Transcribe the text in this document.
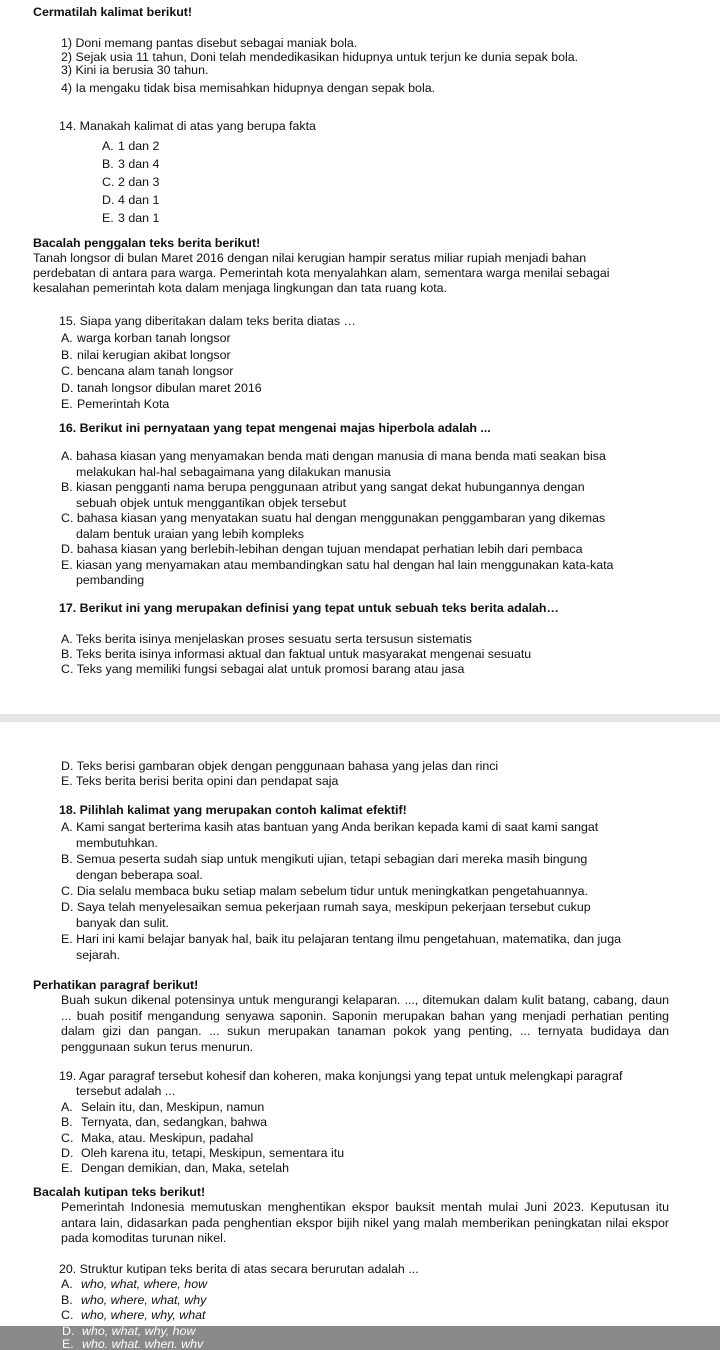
Cermatilah kalimat berikut!
1) Doni memang pantas disebut sebagai maniak bola.
2) Sejak usia 11 tahun, Doni telah mendedikasikan hidupnya untuk terjun ke dunia sepak bola.
3) Kini ia berusia 30 tahun.
4) Ia mengaku tidak bisa memisahkan hidupnya dengan sepak bola.
14. Manakah kalimat di atas yang berupa fakta
A. 1 dan 2
B. 3 dan 4
C. 2 dan 3
D. 4 dan 1
E. 3 dan 1
Bacalah penggalan teks berita berikut!
Tanah longsor di bulan Maret 2016 dengan nilai kerugian hampir seratus miliar rupiah menjadi bahan
perdebatan di antara para warga. Pemerintah kota menyalahkan alam, sementara warga menilai sebagai
kesalahan pemerintah kota dalam menjaga lingkungan dan tata ruang kota.
15. Siapa yang diberitakan dalam teks berita diatas …
A. warga korban tanah longsor
B. nilai kerugian akibat longsor
C. bencana alam tanah longsor
D. tanah longsor dibulan maret 2016
E. Pemerintah Kota
16. Berikut ini pernyataan yang tepat mengenai majas hiperbola adalah ...
A. bahasa kiasan yang menyamakan benda mati dengan manusia di mana benda mati seakan bisa
melakukan hal-hal sebagaimana yang dilakukan manusia
B. kiasan pengganti nama berupa penggunaan atribut yang sangat dekat hubungannya dengan
sebuah objek untuk menggantikan objek tersebut
C. bahasa kiasan yang menyatakan suatu hal dengan menggunakan penggambaran yang dikemas
dalam bentuk uraian yang lebih kompleks
D. bahasa kiasan yang berlebih-lebihan dengan tujuan mendapat perhatian lebih dari pembaca
E. kiasan yang menyamakan atau membandingkan satu hal dengan hal lain menggunakan kata-kata
pembanding
17. Berikut ini yang merupakan definisi yang tepat untuk sebuah teks berita adalah…
A. Teks berita isinya menjelaskan proses sesuatu serta tersusun sistematis
B. Teks berita isinya informasi aktual dan faktual untuk masyarakat mengenai sesuatu
C. Teks yang memiliki fungsi sebagai alat untuk promosi barang atau jasa
D. Teks berisi gambaran objek dengan penggunaan bahasa yang jelas dan rinci
E. Teks berita berisi berita opini dan pendapat saja
18. Pilihlah kalimat yang merupakan contoh kalimat efektif!
A. Kami sangat berterima kasih atas bantuan yang Anda berikan kepada kami di saat kami sangat
membutuhkan.
B. Semua peserta sudah siap untuk mengikuti ujian, tetapi sebagian dari mereka masih bingung
dengan beberapa soal.
C. Dia selalu membaca buku setiap malam sebelum tidur untuk meningkatkan pengetahuannya.
D. Saya telah menyelesaikan semua pekerjaan rumah saya, meskipun pekerjaan tersebut cukup
banyak dan sulit.
E. Hari ini kami belajar banyak hal, baik itu pelajaran tentang ilmu pengetahuan, matematika, dan juga
sejarah.
Perhatikan paragraf berikut!
Buah sukun dikenal potensinya untuk mengurangi kelaparan. ..., ditemukan dalam kulit batang, cabang, daun ... buah positif mengandung senyawa saponin. Saponin merupakan bahan yang menjadi perhatian penting dalam gizi dan pangan. ... sukun merupakan tanaman pokok yang penting, ... ternyata budidaya dan penggunaan sukun terus menurun.
19. Agar paragraf tersebut kohesif dan koheren, maka konjungsi yang tepat untuk melengkapi paragraf
tersebut adalah ...
A. Selain itu, dan, Meskipun, namun
B. Ternyata, dan, sedangkan, bahwa
C. Maka, atau. Meskipun, padahal
D. Oleh karena itu, tetapi, Meskipun, sementara itu
E. Dengan demikian, dan, Maka, setelah
Bacalah kutipan teks berikut!
Pemerintah Indonesia memutuskan menghentikan ekspor bauksit mentah mulai Juni 2023. Keputusan itu antara lain, didasarkan pada penghentian ekspor bijih nikel yang malah memberikan peningkatan nilai ekspor pada komoditas turunan nikel.
20. Struktur kutipan teks berita di atas secara berurutan adalah ...
A. who, what, where, how
B. who, where, what, why
C. who, where, why, what
D. who, what, why, how
E. who. what. when. whv
